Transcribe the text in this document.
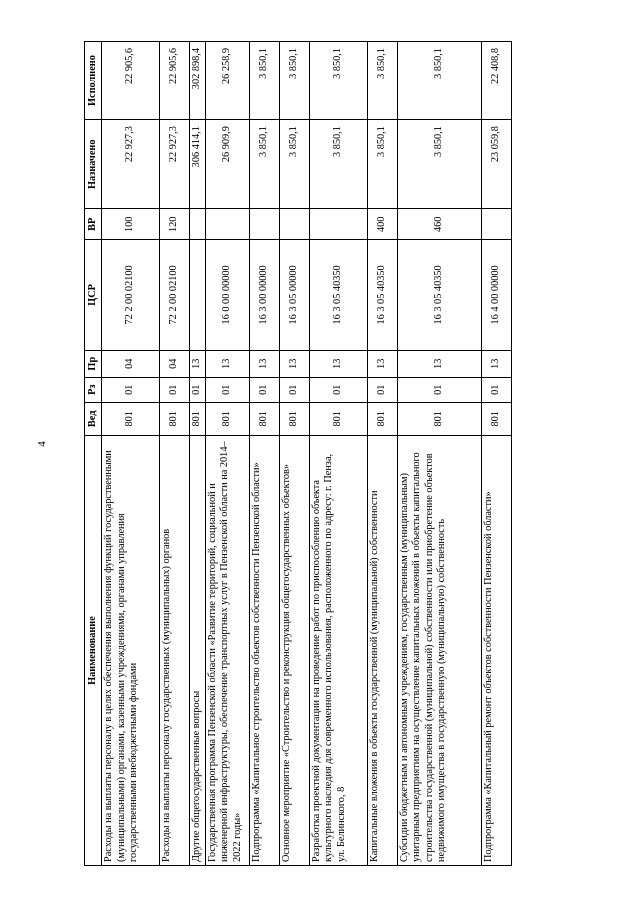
4
Наименование	Вед	Рз	Пр	ЦСР	ВР	Назначено	Исполнено
Расходы на выплаты персоналу в целях обеспечения выполнения функций государственными (муниципальными) органами, казенными учреждениями, органами управления государственными внебюджетными фондами	801	01	04	72 2 00 02100	100	22 927,3	22 905,6
Расходы на выплаты персоналу государственных (муниципальных) органов	801	01	04	72 2 00 02100	120	22 927,3	22 905,6
Другие общегосударственные вопросы	801	01	13			306 414,1	302 898,4
Государственная программа Пензенской области «Развитие территорий, социальной и инженерной инфраструктуры, обеспечение транспортных услуг в Пензенской области на 2014–2022 годы»	801	01	13	16 0 00 00000		26 909,9	26 258,9
Подпрограмма «Капитальное строительство объектов собственности Пензенской области»	801	01	13	16 3 00 00000		3 850,1	3 850,1
Основное мероприятие «Строительство и реконструкция общегосударственных объектов»	801	01	13	16 3 05 00000		3 850,1	3 850,1
Разработка проектной документации на проведение работ по приспособлению объекта культурного наследия для современного использования, расположенного по адресу: г. Пенза, ул. Белинского, 8	801	01	13	16 3 05 40350		3 850,1	3 850,1
Капитальные вложения в объекты государственной (муниципальной) собственности	801	01	13	16 3 05 40350	400	3 850,1	3 850,1
Субсидии бюджетным и автономным учреждениям, государственным (муниципальным) унитарным предприятиям на осуществление капитальных вложений в объекты капитального строительства государственной (муниципальной) собственности или приобретение объектов недвижимого имущества в государственную (муниципальную) собственность	801	01	13	16 3 05 40350	460	3 850,1	3 850,1
Подпрограмма «Капитальный ремонт объектов собственности Пензенской области»	801	01	13	16 4 00 00000		23 059,8	22 408,8
